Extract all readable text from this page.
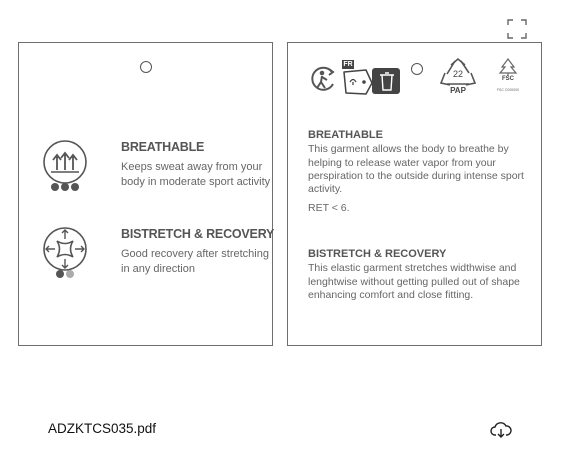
BREATHABLE
Keeps sweat away from your body in moderate sport activity
BISTRETCH & RECOVERY
Good recovery after stretching in any direction
FR
22
PAP
FSC
FSC C000000
BREATHABLE

This garment allows the body to breathe by helping to release water vapor from your perspiration to the outside during intense sport activity.

RET < 6.

BISTRETCH & RECOVERY

This elastic garment stretches widthwise and lenghtwise without getting pulled out of shape enhancing comfort and close fitting.

ADZKTCS035.pdf
